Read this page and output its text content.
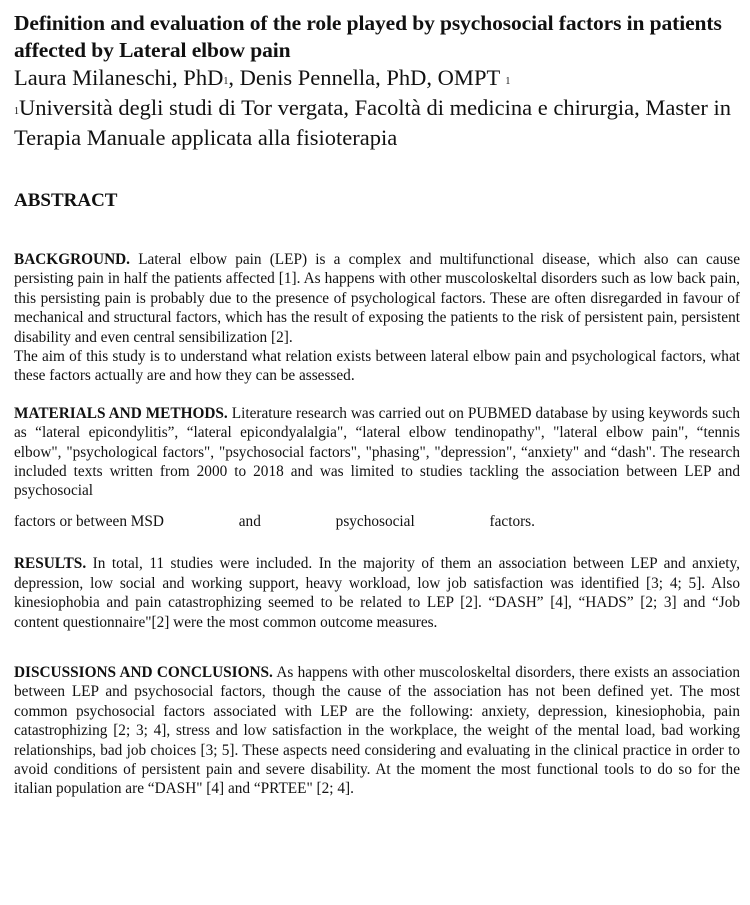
Definition and evaluation of the role played by psychosocial factors in patients affected by Lateral elbow pain
Laura Milaneschi, PhD$^1$, Denis Pennella, PhD, OMPT $^1$
$^1$Università degli studi di Tor vergata, Facoltà di medicina e chirurgia, Master in Terapia Manuale applicata alla fisioterapia
ABSTRACT

BACKGROUND. Lateral elbow pain (LEP) is a complex and multifunctional disease, which also can cause persisting pain in half the patients affected [1]. As happens with other muscoloskeltal disorders such as low back pain, this persisting pain is probably due to the presence of psychological factors. These are often disregarded in favour of mechanical and structural factors, which has the result of exposing the patients to the risk of persistent pain, persistent disability and even central sensibilization [2].
The aim of this study is to understand what relation exists between lateral elbow pain and psychological factors, what these factors actually are and how they can be assessed.

MATERIALS AND METHODS. Literature research was carried out on PUBMED database by using keywords such as “lateral epicondylitis”, “lateral epicondyalalgia", “lateral elbow tendinopathy", "lateral elbow pain", “tennis elbow", "psychological factors", "psychosocial factors", "phasing", "depression", “anxiety" and “dash". The research included texts written from 2000 to 2018 and was limited to studies tackling the association between LEP and psychosocial

factors or between MSD	and	psychosocial	factors.

RESULTS. In total, 11 studies were included. In the majority of them an association between LEP and anxiety, depression, low social and working support, heavy workload, low job satisfaction was identified [3; 4; 5]. Also kinesiophobia and pain catastrophizing seemed to be related to LEP [2]. “DASH” [4], “HADS” [2; 3] and “Job content questionnaire"[2] were the most common outcome measures.

DISCUSSIONS AND CONCLUSIONS. As happens with other muscoloskeltal disorders, there exists an association between LEP and psychosocial factors, though the cause of the association has not been defined yet. The most common psychosocial factors associated with LEP are the following: anxiety, depression, kinesiophobia, pain catastrophizing [2; 3; 4], stress and low satisfaction in the workplace, the weight of the mental load, bad working relationships, bad job choices [3; 5]. These aspects need considering and evaluating in the clinical practice in order to avoid conditions of persistent pain and severe disability. At the moment the most functional tools to do so for the italian population are “DASH" [4] and “PRTEE" [2; 4].
